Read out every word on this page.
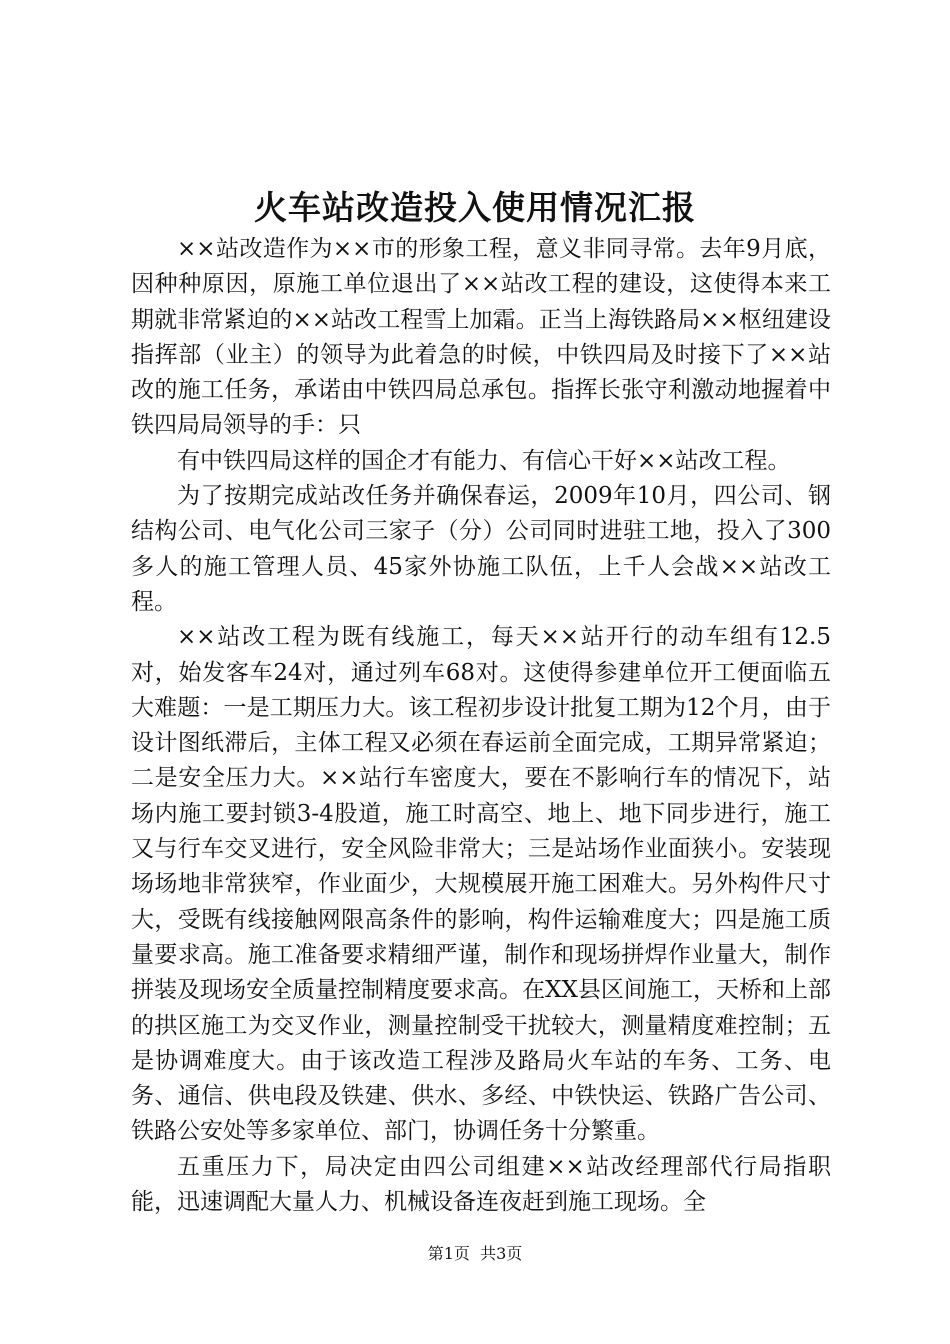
火车站改造投入使用情况汇报

××站改造作为××市的形象工程，意义非同寻常。去年9月底，因种种原因，原施工单位退出了××站改工程的建设，这使得本来工期就非常紧迫的××站改工程雪上加霜。正当上海铁路局××枢纽建设指挥部（业主）的领导为此着急的时候，中铁四局及时接下了××站改的施工任务，承诺由中铁四局总承包。指挥长张守利激动地握着中铁四局局领导的手：只

有中铁四局这样的国企才有能力、有信心干好××站改工程。

为了按期完成站改任务并确保春运，2009年10月，四公司、钢结构公司、电气化公司三家子（分）公司同时进驻工地，投入了300多人的施工管理人员、45家外协施工队伍，上千人会战××站改工程。

××站改工程为既有线施工，每天××站开行的动车组有12.5对，始发客车24对，通过列车68对。这使得参建单位开工便面临五大难题：一是工期压力大。该工程初步设计批复工期为12个月，由于设计图纸滞后，主体工程又必须在春运前全面完成，工期异常紧迫；二是安全压力大。××站行车密度大，要在不影响行车的情况下，站场内施工要封锁3-4股道，施工时高空、地上、地下同步进行，施工又与行车交叉进行，安全风险非常大；三是站场作业面狭小。安装现场场地非常狭窄，作业面少，大规模展开施工困难大。另外构件尺寸大，受既有线接触网限高条件的影响，构件运输难度大；四是施工质量要求高。施工准备要求精细严谨，制作和现场拼焊作业量大，制作拼装及现场安全质量控制精度要求高。在XX县区间施工，天桥和上部的拱区施工为交叉作业，测量控制受干扰较大，测量精度难控制；五是协调难度大。由于该改造工程涉及路局火车站的车务、工务、电务、通信、供电段及铁建、供水、多经、中铁快运、铁路广告公司、铁路公安处等多家单位、部门，协调任务十分繁重。

五重压力下，局决定由四公司组建××站改经理部代行局指职能，迅速调配大量人力、机械设备连夜赶到施工现场。全

第1页 共3页
